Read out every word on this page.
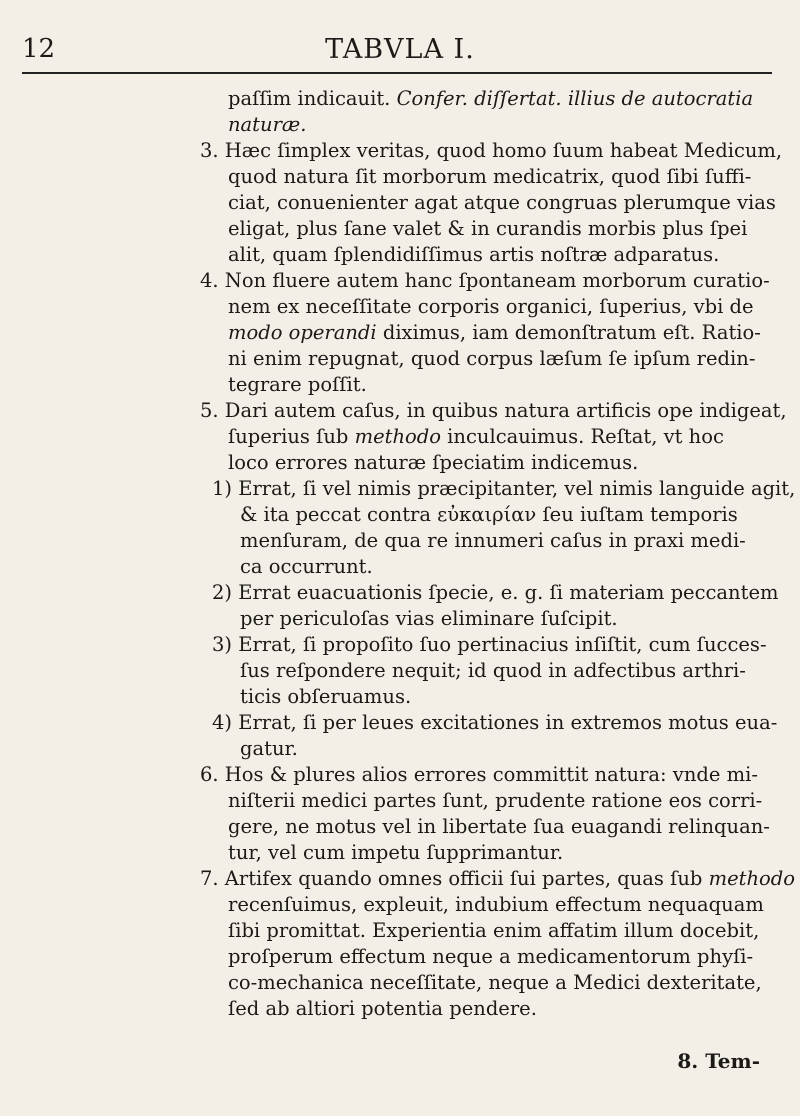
12	TABVLA I.
paſſim indicauit. Confer. diſſertat. illius de autocratia
naturæ.
3. Hæc ſimplex veritas, quod homo ſuum habeat Medicum,
quod natura ſit morborum medicatrix, quod ſibi ſuffi-
ciat, conuenienter agat atque congruas plerumque vias
eligat, plus ſane valet & in curandis morbis plus ſpei
alit, quam ſplendidiſſimus artis noſtræ adparatus.
4. Non fluere autem hanc ſpontaneam morborum curatio-
nem ex neceſſitate corporis organici, ſuperius, vbi de
modo operandi diximus, iam demonſtratum eſt. Ratio-
ni enim repugnat, quod corpus læſum ſe ipſum redin-
tegrare poſſit.
5. Dari autem caſus, in quibus natura artificis ope indigeat,
ſuperius ſub methodo inculcauimus. Reſtat, vt hoc
loco errores naturæ ſpeciatim indicemus.
1) Errat, ſi vel nimis præcipitanter, vel nimis languide agit,
& ita peccat contra εὐκαιρίαν ſeu iuſtam temporis
menſuram, de qua re innumeri caſus in praxi medi-
ca occurrunt.
2) Errat euacuationis ſpecie, e. g. ſi materiam peccantem
per periculoſas vias eliminare ſuſcipit.
3) Errat, ſi propoſito ſuo pertinacius inſiſtit, cum ſucces-
ſus reſpondere nequit; id quod in adfectibus arthri-
ticis obſeruamus.
4) Errat, ſi per leues excitationes in extremos motus eua-
gatur.
6. Hos & plures alios errores committit natura: vnde mi-
niſterii medici partes ſunt, prudente ratione eos corri-
gere, ne motus vel in libertate ſua euagandi relinquan-
tur, vel cum impetu ſupprimantur.
7. Artifex quando omnes officii ſui partes, quas ſub methodo
recenſuimus, expleuit, indubium effectum nequaquam
ſibi promittat. Experientia enim affatim illum docebit,
proſperum effectum neque a medicamentorum phyſi-
co-mechanica neceſſitate, neque a Medici dexteritate,
ſed ab altiori potentia pendere.
8. Tem-
